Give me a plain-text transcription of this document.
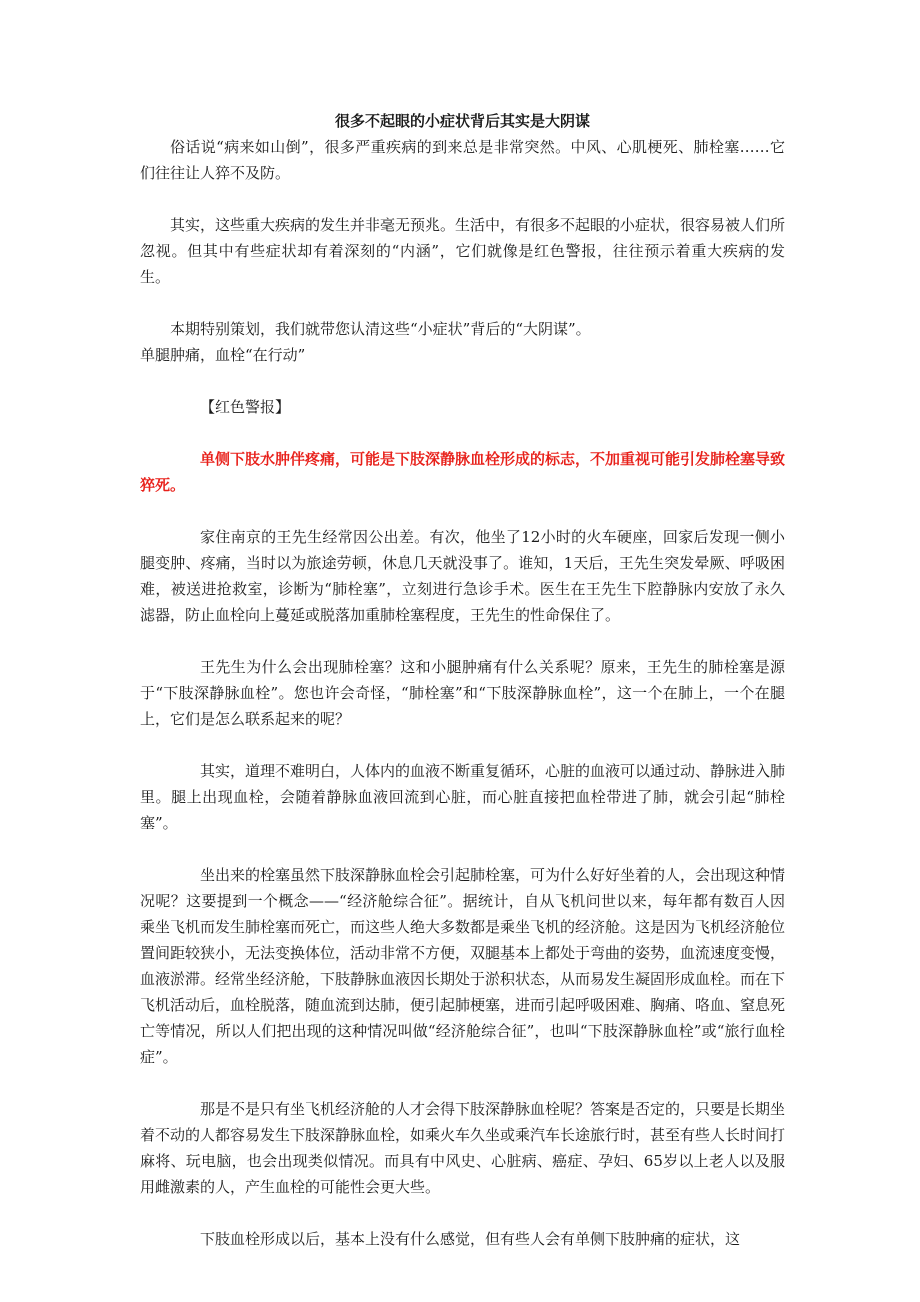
很多不起眼的小症状背后其实是大阴谋

俗话说“病来如山倒”，很多严重疾病的到来总是非常突然。中风、心肌梗死、肺栓塞……它们往往让人猝不及防。

其实，这些重大疾病的发生并非毫无预兆。生活中，有很多不起眼的小症状，很容易被人们所忽视。但其中有些症状却有着深刻的“内涵”，它们就像是红色警报，往往预示着重大疾病的发生。

本期特别策划，我们就带您认清这些“小症状”背后的“大阴谋”。

单腿肿痛，血栓“在行动”

【红色警报】

单侧下肢水肿伴疼痛，可能是下肢深静脉血栓形成的标志，不加重视可能引发肺栓塞导致猝死。

家住南京的王先生经常因公出差。有次，他坐了12小时的火车硬座，回家后发现一侧小腿变肿、疼痛，当时以为旅途劳顿，休息几天就没事了。谁知，1天后，王先生突发晕厥、呼吸困难，被送进抢救室，诊断为“肺栓塞”，立刻进行急诊手术。医生在王先生下腔静脉内安放了永久滤器，防止血栓向上蔓延或脱落加重肺栓塞程度，王先生的性命保住了。

王先生为什么会出现肺栓塞？这和小腿肿痛有什么关系呢？原来，王先生的肺栓塞是源于“下肢深静脉血栓”。您也许会奇怪，“肺栓塞”和“下肢深静脉血栓”，这一个在肺上，一个在腿上，它们是怎么联系起来的呢？

其实，道理不难明白，人体内的血液不断重复循环，心脏的血液可以通过动、静脉进入肺里。腿上出现血栓，会随着静脉血液回流到心脏，而心脏直接把血栓带进了肺，就会引起“肺栓塞”。

坐出来的栓塞虽然下肢深静脉血栓会引起肺栓塞，可为什么好好坐着的人，会出现这种情况呢？这要提到一个概念——“经济舱综合征”。据统计，自从飞机问世以来，每年都有数百人因乘坐飞机而发生肺栓塞而死亡，而这些人绝大多数都是乘坐飞机的经济舱。这是因为飞机经济舱位置间距较狭小，无法变换体位，活动非常不方便，双腿基本上都处于弯曲的姿势，血流速度变慢，血液淤滞。经常坐经济舱，下肢静脉血液因长期处于淤积状态，从而易发生凝固形成血栓。而在下飞机活动后，血栓脱落，随血流到达肺，便引起肺梗塞，进而引起呼吸困难、胸痛、咯血、窒息死亡等情况，所以人们把出现的这种情况叫做“经济舱综合征”，也叫“下肢深静脉血栓”或“旅行血栓症”。

那是不是只有坐飞机经济舱的人才会得下肢深静脉血栓呢？答案是否定的，只要是长期坐着不动的人都容易发生下肢深静脉血栓，如乘火车久坐或乘汽车长途旅行时，甚至有些人长时间打麻将、玩电脑，也会出现类似情况。而具有中风史、心脏病、癌症、孕妇、65岁以上老人以及服用雌激素的人，产生血栓的可能性会更大些。

下肢血栓形成以后，基本上没有什么感觉，但有些人会有单侧下肢肿痛的症状，这
